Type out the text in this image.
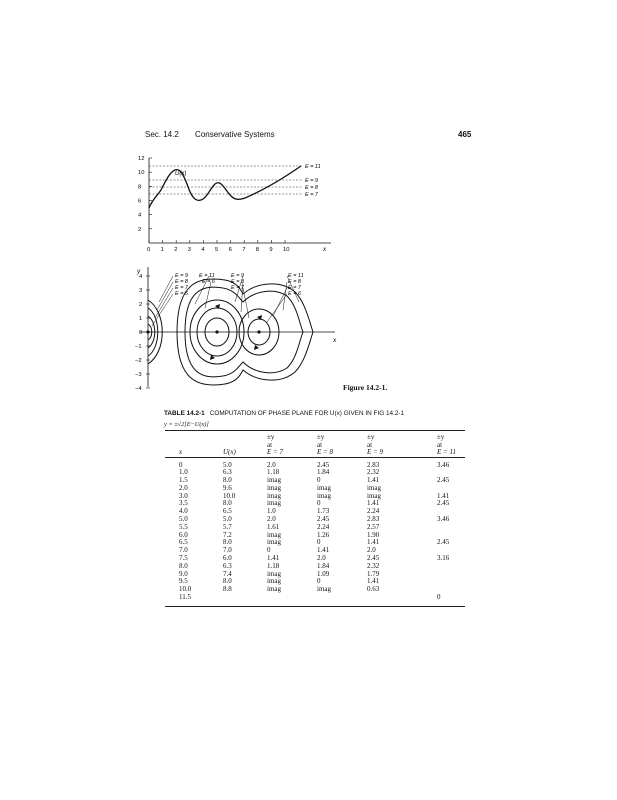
Sec. 14.2 Conservative Systems	465
2
4
6
8
10
12
0 1 2 3 4 5 6 7 8 9 10	x
U(x)
E = 11
E = 9
E = 8
E = 7
y
x
4
3
2
1
0
−1
−2
−3
−4
E = 9
E = 8
E = 7
E = 5
E = 11
E = 6
E = 9
E = 8
E = 7
E = 11
E = 8
E = 7
E = 6
Figure 14.2-1.
TABLE 14.2-1 COMPUTATION OF PHASE PLANE FOR U(x) GIVEN IN FIG 14.2-1
y = ±√2[E−U(x)]
		±y	±y	±y	±y
		at	at	at	at
x	U(x)	E = 7	E = 8	E = 9	E = 11
0	5.0	2.0	2.45	2.83	3.46
1.0	6.3	1.18	1.84	2.32	
1.5	8.0	imag	0	1.41	2.45
2.0	9.6	imag	imag	imag	
3.0	10.0	imag	imag	imag	1.41
3.5	8.0	imag	0	1.41	2.45
4.0	6.5	1.0	1.73	2.24	
5.0	5.0	2.0	2.45	2.83	3.46
5.5	5.7	1.61	2.24	2.57	
6.0	7.2	imag	1.26	1.90	
6.5	8.0	imag	0	1.41	2.45
7.0	7.0	0	1.41	2.0	
7.5	6.0	1.41	2.0	2.45	3.16
8.0	6.3	1.18	1.84	2.32	
9.0	7.4	imag	1.09	1.79	
9.5	8.0	imag	0	1.41	
10.0	8.8	imag	imag	0.63	
11.5					0
